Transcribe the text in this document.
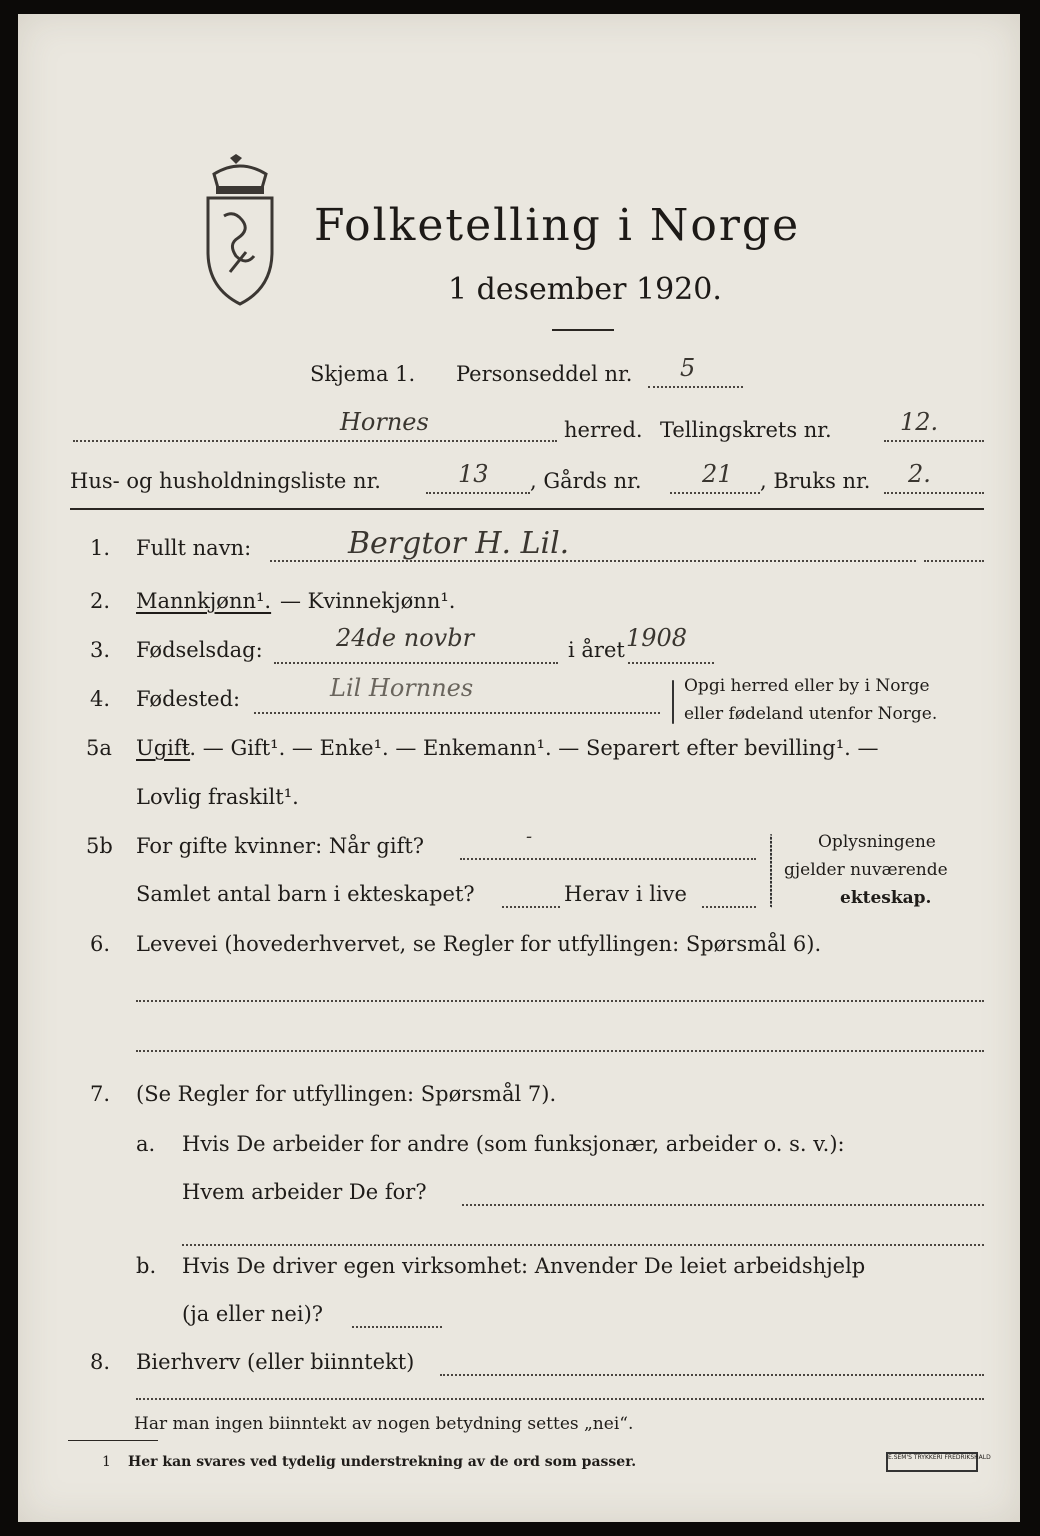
Folketelling i Norge
1 desember 1920.
Skjema 1. Personseddel nr. 5
Hornes	herred. Tellingskrets nr.	12.
Hus- og husholdningsliste nr.	13 , Gårds nr.	21 , Bruks nr. 2.
1. Fullt navn:	Bergtor H. Lil.
2. Mannkjønn¹. — Kvinnekjønn¹.
3. Fødselsdag:	24de novbr	i året 1908
4. Fødested:	Lil Hornnes	Opgi herred eller by i Norge
eller fødeland utenfor Norge.
5a Ugift
¹. — Gift¹. — Enke¹. — Enkemann¹. — Separert efter bevilling¹. —
Lovlig fraskilt¹.
5b For gifte kvinner: Når gift?	-
Samlet antal barn i ekteskapet?	Herav i live
Oplysningene
gjelder nuværende
ekteskap.
6. Levevei (hovederhvervet, se Regler for utfyllingen: Spørsmål 6).
7. (Se Regler for utfyllingen: Spørsmål 7).
a. Hvis De arbeider for andre (som funksjonær, arbeider o. s. v.):
Hvem arbeider De for?
b. Hvis De driver egen virksomhet: Anvender De leiet arbeidshjelp
(ja eller nei)?
8. Bierhverv (eller biinntekt)
Har man ingen biinntekt av nogen betydning settes „nei“.
1 Her kan svares ved tydelig understrekning av de ord som passer.	E.SEM'S TRYKKERI FREDRIKSHALD
